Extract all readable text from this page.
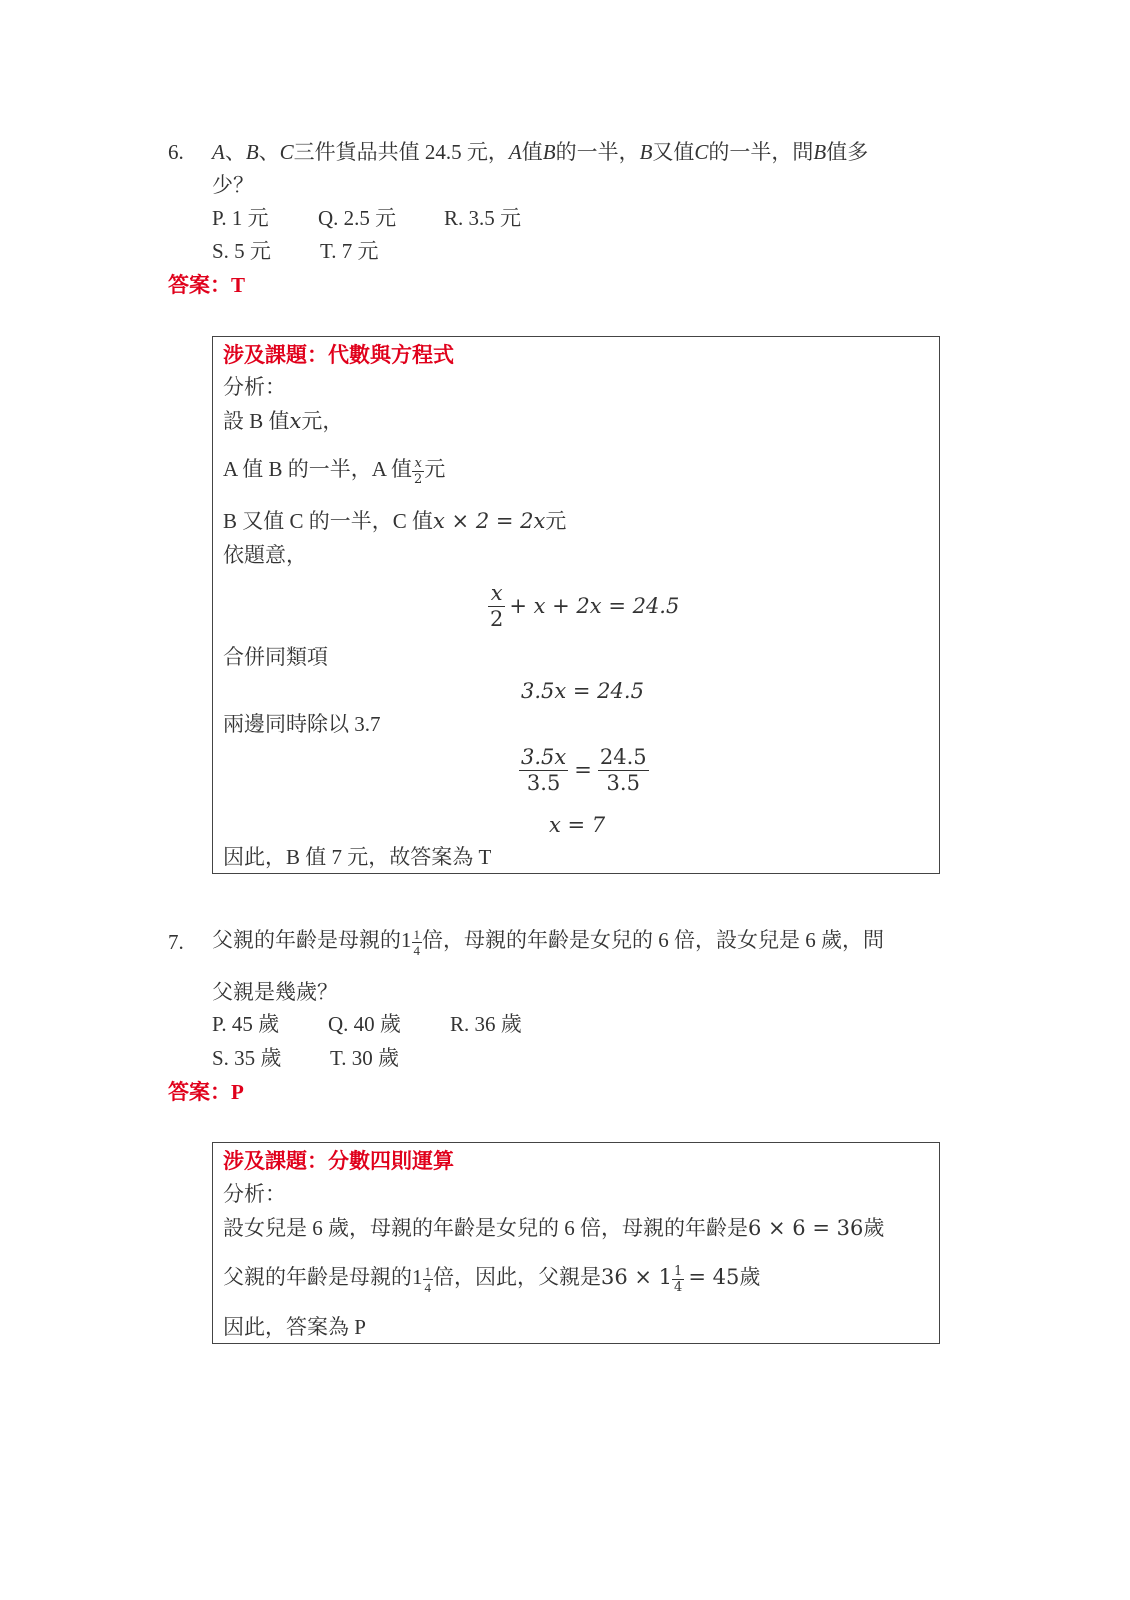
6. A、B、C三件貨品共值 24.5 元，A值B的一半，B又值C的一半，問B值多
少？
P. 1 元 Q. 2.5 元 R. 3.5 元
S. 5 元 T. 7 元
答案：T
涉及課題：代數與方程式
分析：
設 B 值x元，
A 值 B 的一半，A 值 $\frac{x}{2}$ 元
B 又值 C 的一半，C 值x × 2 = 2x元
依題意，
$\frac{x}{2} + x + 2x = 24.5$
合併同類項
3.5x = 24.5
兩邊同時除以 3.7
$\frac{3.5x}{3.5} = \frac{24.5}{3.5}$
x = 7
因此，B 值 7 元，故答案為 T
7. 父親的年齡是母親的$1 \frac{1}{4}$ 倍，母親的年齡是女兒的 6 倍，設女兒是 6 歲，問
父親是幾歲？
P. 45 歲 Q. 40 歲 R. 36 歲
S. 35 歲 T. 30 歲
答案：P
涉及課題：分數四則運算
分析：
設女兒是 6 歲，母親的年齡是女兒的 6 倍，母親的年齡是6 × 6 = 36歲
父親的年齡是母親的$1 \frac{1}{4}$ 倍，因此，父親是$36 \times 1 \frac{1}{4} = 45$歲
因此，答案為 P
